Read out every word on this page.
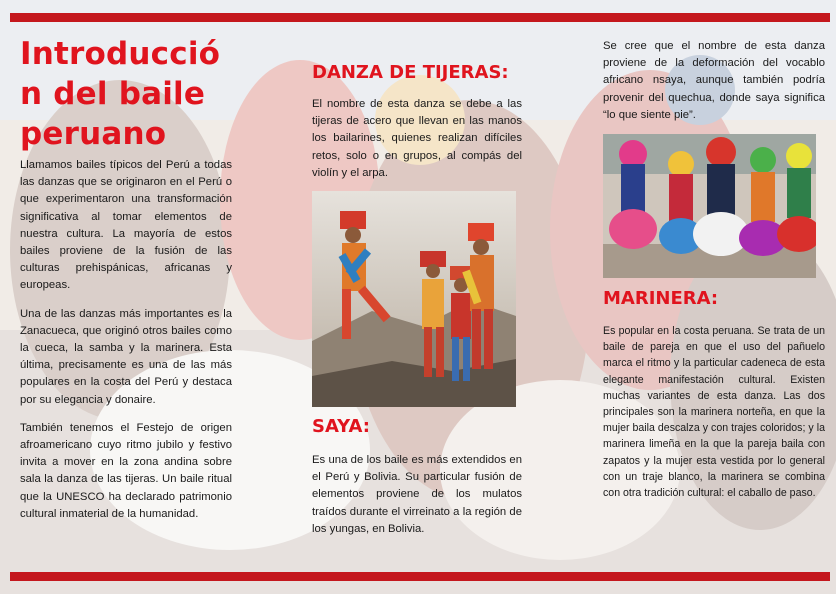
Introducció
n del baile
peruano

Llamamos bailes típicos del Perú a todas las danzas que se originaron en el Perú o que experimentaron una transformación significativa al tomar elementos de nuestra cultura. La mayoría de estos bailes proviene de la fusión de las culturas prehispánicas, africanas y europeas.

Una de las danzas más importantes es la Zanacueca, que originó otros bailes como la cueca, la samba y la marinera. Esta última, precisamente es una de las más populares en la costa del Perú y destaca por su elegancia y donaire.

También tenemos el Festejo de origen afroamericano cuyo ritmo jubilo y festivo invita a mover en la zona andina sobre sala la danza de las tijeras. Un baile ritual que la UNESCO ha declarado patrimonio cultural inmaterial de la humanidad.

DANZA DE TIJERAS:

El nombre de esta danza se debe a las tijeras de acero que llevan en las manos los bailarines, quienes realizan difíciles retos, solo o en grupos, al compás del violín y el arpa.

SAYA:

Es una de los baile es más extendidos en el Perú y Bolivia. Su particular fusión de elementos proviene de los mulatos traídos durante el virreinato a la región de los yungas, en Bolivia.

Se cree que el nombre de esta danza proviene de la deformación del vocablo africano nsaya, aunque también podría provenir del quechua, donde saya significa “lo que siente pie”.

MARINERA:

Es popular en la costa peruana. Se trata de un baile de pareja en que el uso del pañuelo marca el ritmo y la particular cadeneca de esta elegante manifestación cultural. Existen muchas variantes de esta danza. Las dos principales son la marinera norteña, en que la mujer baila descalza y con trajes coloridos; y la marinera limeña en la que la pareja baila con zapatos y la mujer esta vestida por lo general con un traje blanco, la marinera se combina con otra tradición cultural: el caballo de paso.
